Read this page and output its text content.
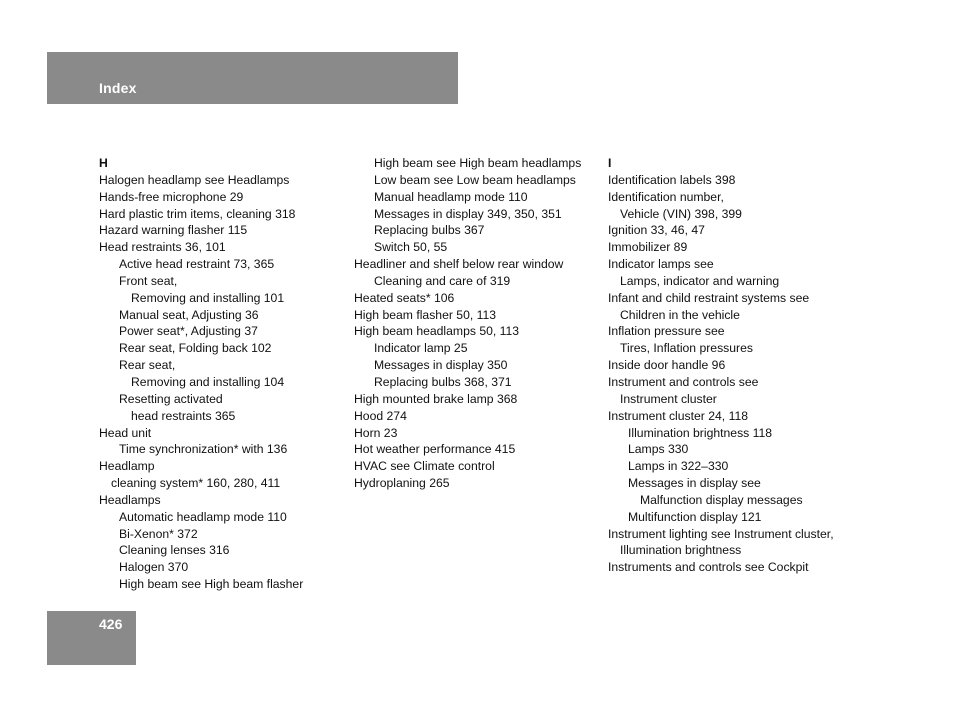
Index
H
Halogen headlamp see Headlamps
Hands-free microphone 29
Hard plastic trim items, cleaning 318
Hazard warning flasher 115
Head restraints 36, 101
Active head restraint 73, 365
Front seat,
Removing and installing 101
Manual seat, Adjusting 36
Power seat*, Adjusting 37
Rear seat, Folding back 102
Rear seat,
Removing and installing 104
Resetting activated
head restraints 365
Head unit
Time synchronization* with 136
Headlamp
cleaning system* 160, 280, 411
Headlamps
Automatic headlamp mode 110
Bi-Xenon* 372
Cleaning lenses 316
Halogen 370
High beam see High beam flasher
High beam see High beam headlamps
Low beam see Low beam headlamps
Manual headlamp mode 110
Messages in display 349, 350, 351
Replacing bulbs 367
Switch 50, 55
Headliner and shelf below rear window
Cleaning and care of 319
Heated seats* 106
High beam flasher 50, 113
High beam headlamps 50, 113
Indicator lamp 25
Messages in display 350
Replacing bulbs 368, 371
High mounted brake lamp 368
Hood 274
Horn 23
Hot weather performance 415
HVAC see Climate control
Hydroplaning 265
I
Identification labels 398
Identification number,
Vehicle (VIN) 398, 399
Ignition 33, 46, 47
Immobilizer 89
Indicator lamps see
Lamps, indicator and warning
Infant and child restraint systems see
Children in the vehicle
Inflation pressure see
Tires, Inflation pressures
Inside door handle 96
Instrument and controls see
Instrument cluster
Instrument cluster 24, 118
Illumination brightness 118
Lamps 330
Lamps in 322–330
Messages in display see
Malfunction display messages
Multifunction display 121
Instrument lighting see Instrument cluster,
Illumination brightness
Instruments and controls see Cockpit
426
